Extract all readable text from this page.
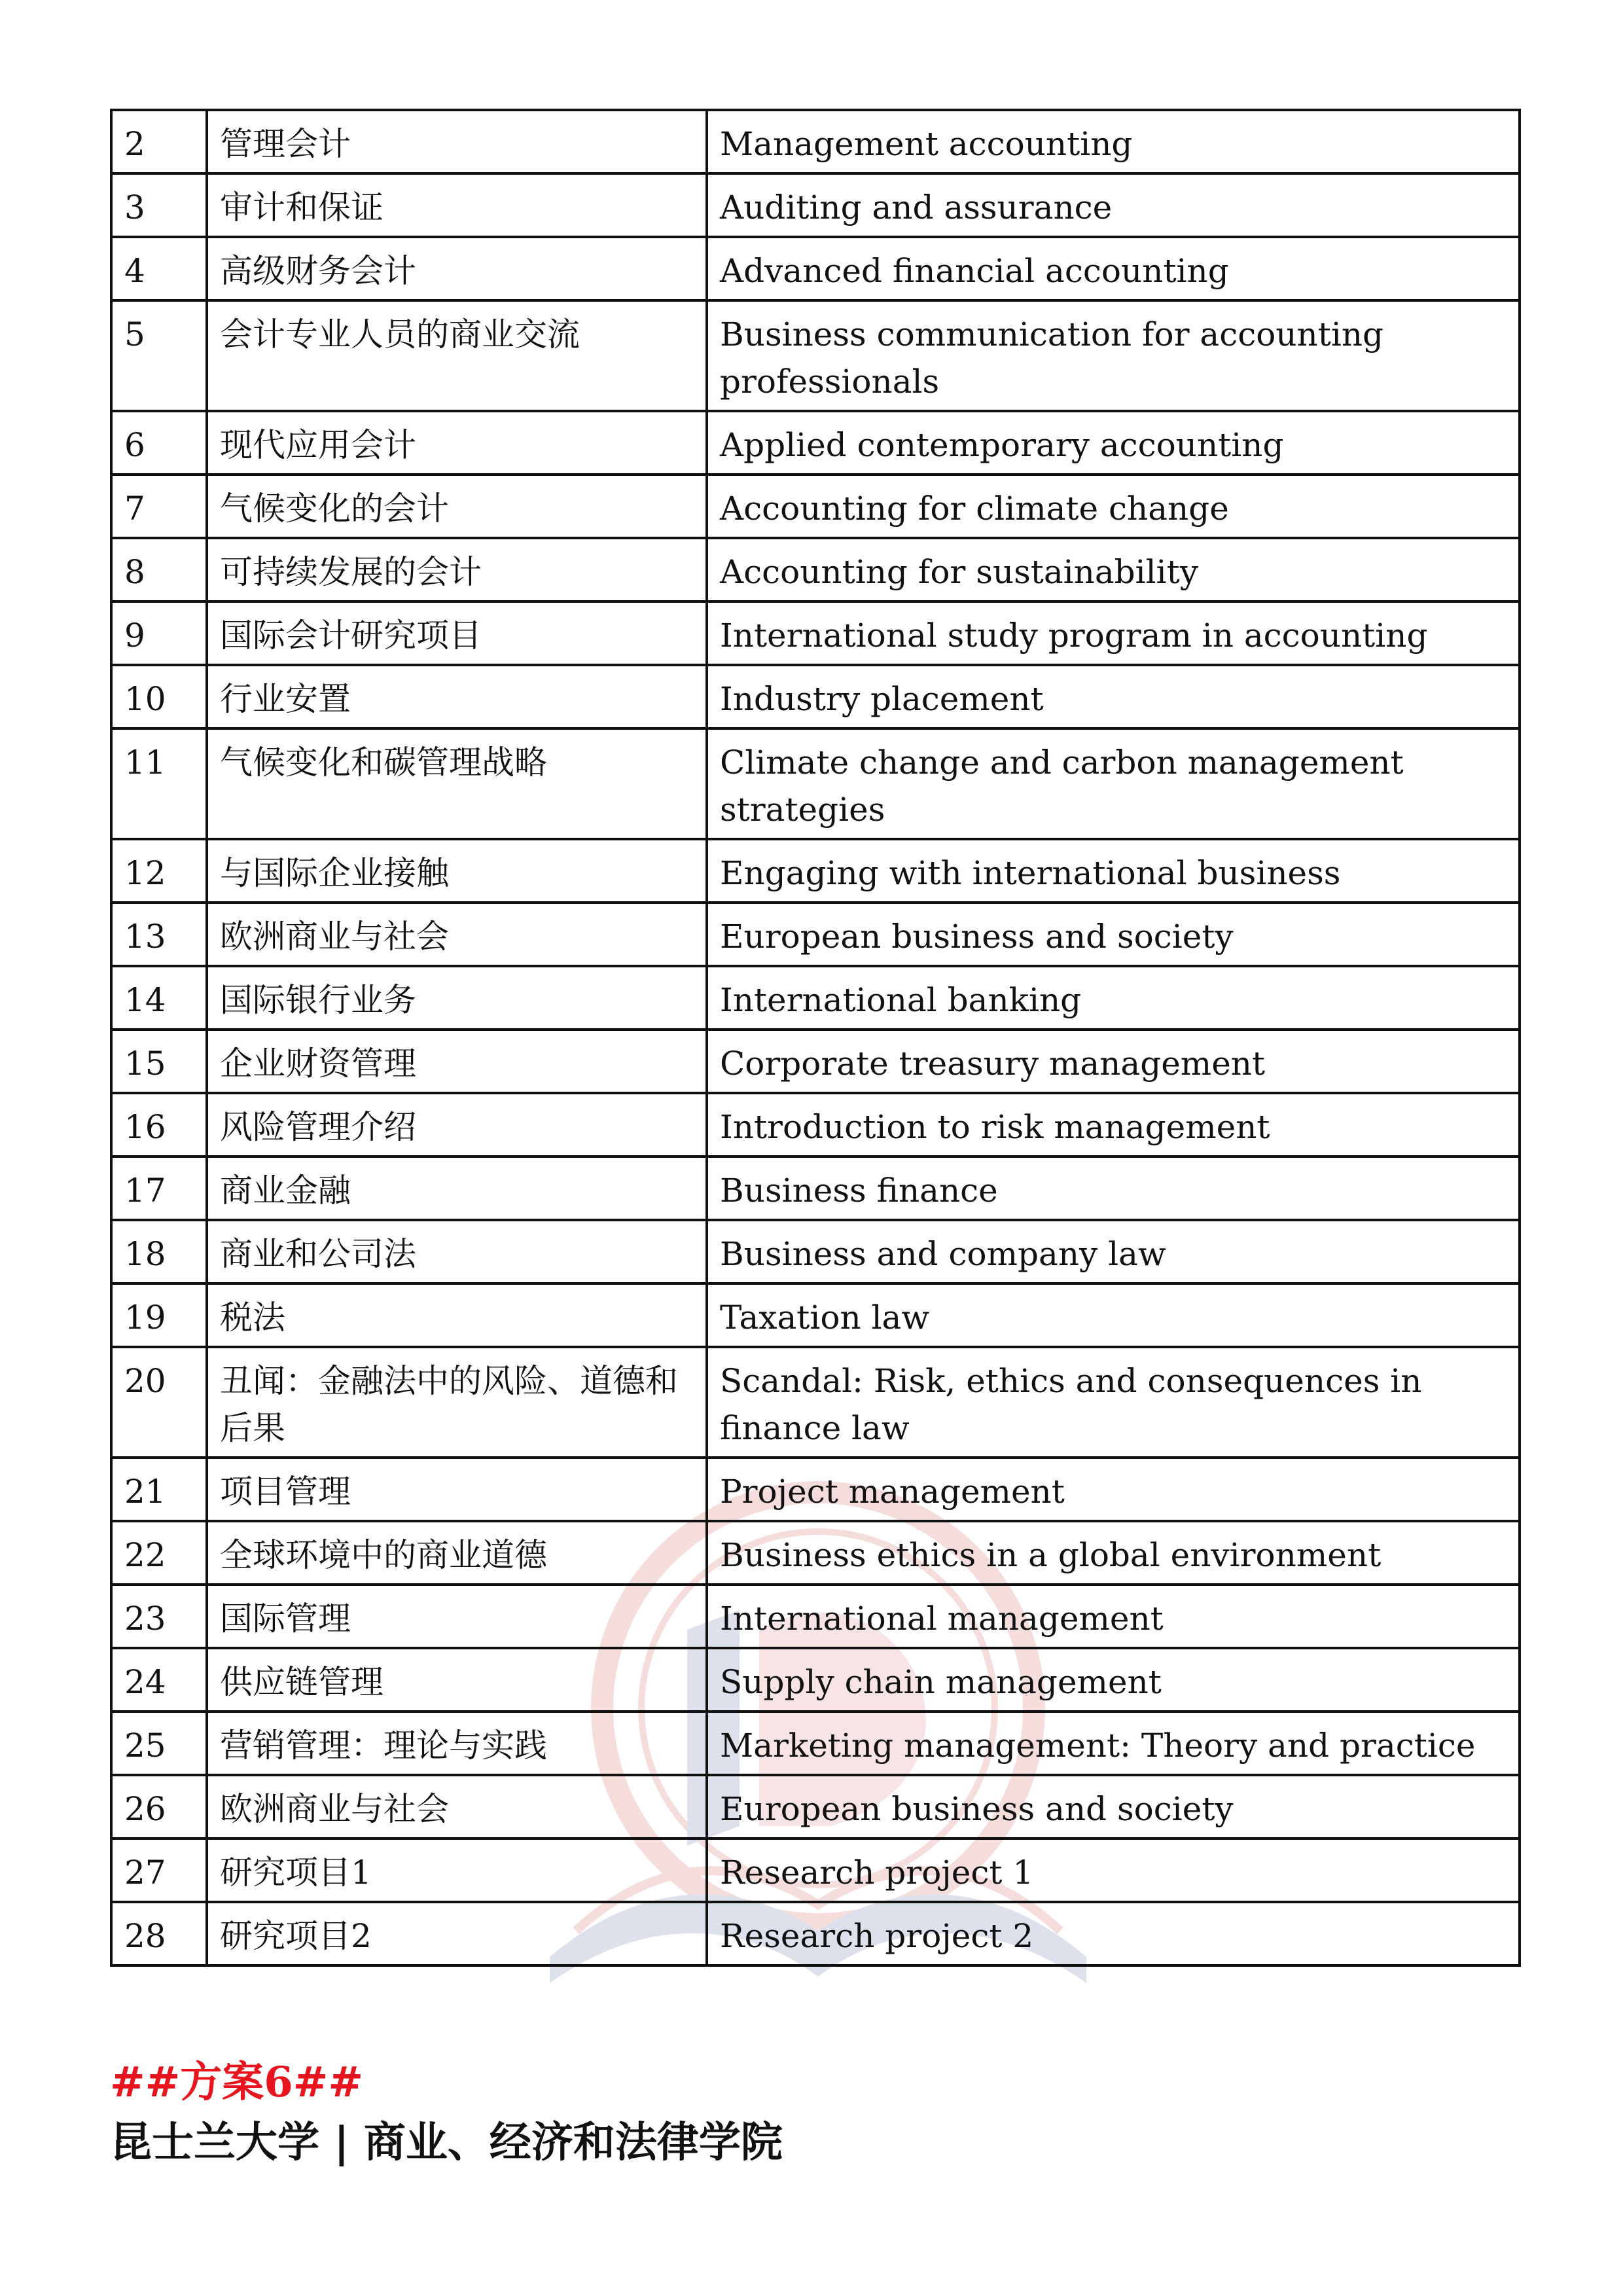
2	管理会计	Management accounting
3	审计和保证	Auditing and assurance
4	高级财务会计	Advanced financial accounting
5	会计专业人员的商业交流	Business communication for accounting professionals
6	现代应用会计	Applied contemporary accounting
7	气候变化的会计	Accounting for climate change
8	可持续发展的会计	Accounting for sustainability
9	国际会计研究项目	International study program in accounting
10	行业安置	Industry placement
11	气候变化和碳管理战略	Climate change and carbon management strategies
12	与国际企业接触	Engaging with international business
13	欧洲商业与社会	European business and society
14	国际银行业务	International banking
15	企业财资管理	Corporate treasury management
16	风险管理介绍	Introduction to risk management
17	商业金融	Business finance
18	商业和公司法	Business and company law
19	税法	Taxation law
20	丑闻：金融法中的风险、道德和后果	Scandal: Risk, ethics and consequences in finance law
21	项目管理	Project management
22	全球环境中的商业道德	Business ethics in a global environment
23	国际管理	International management
24	供应链管理	Supply chain management
25	营销管理：理论与实践	Marketing management: Theory and practice
26	欧洲商业与社会	European business and society
27	研究项目1	Research project 1
28	研究项目2	Research project 2
##方案6##
昆士兰大学 | 商业、经济和法律学院
